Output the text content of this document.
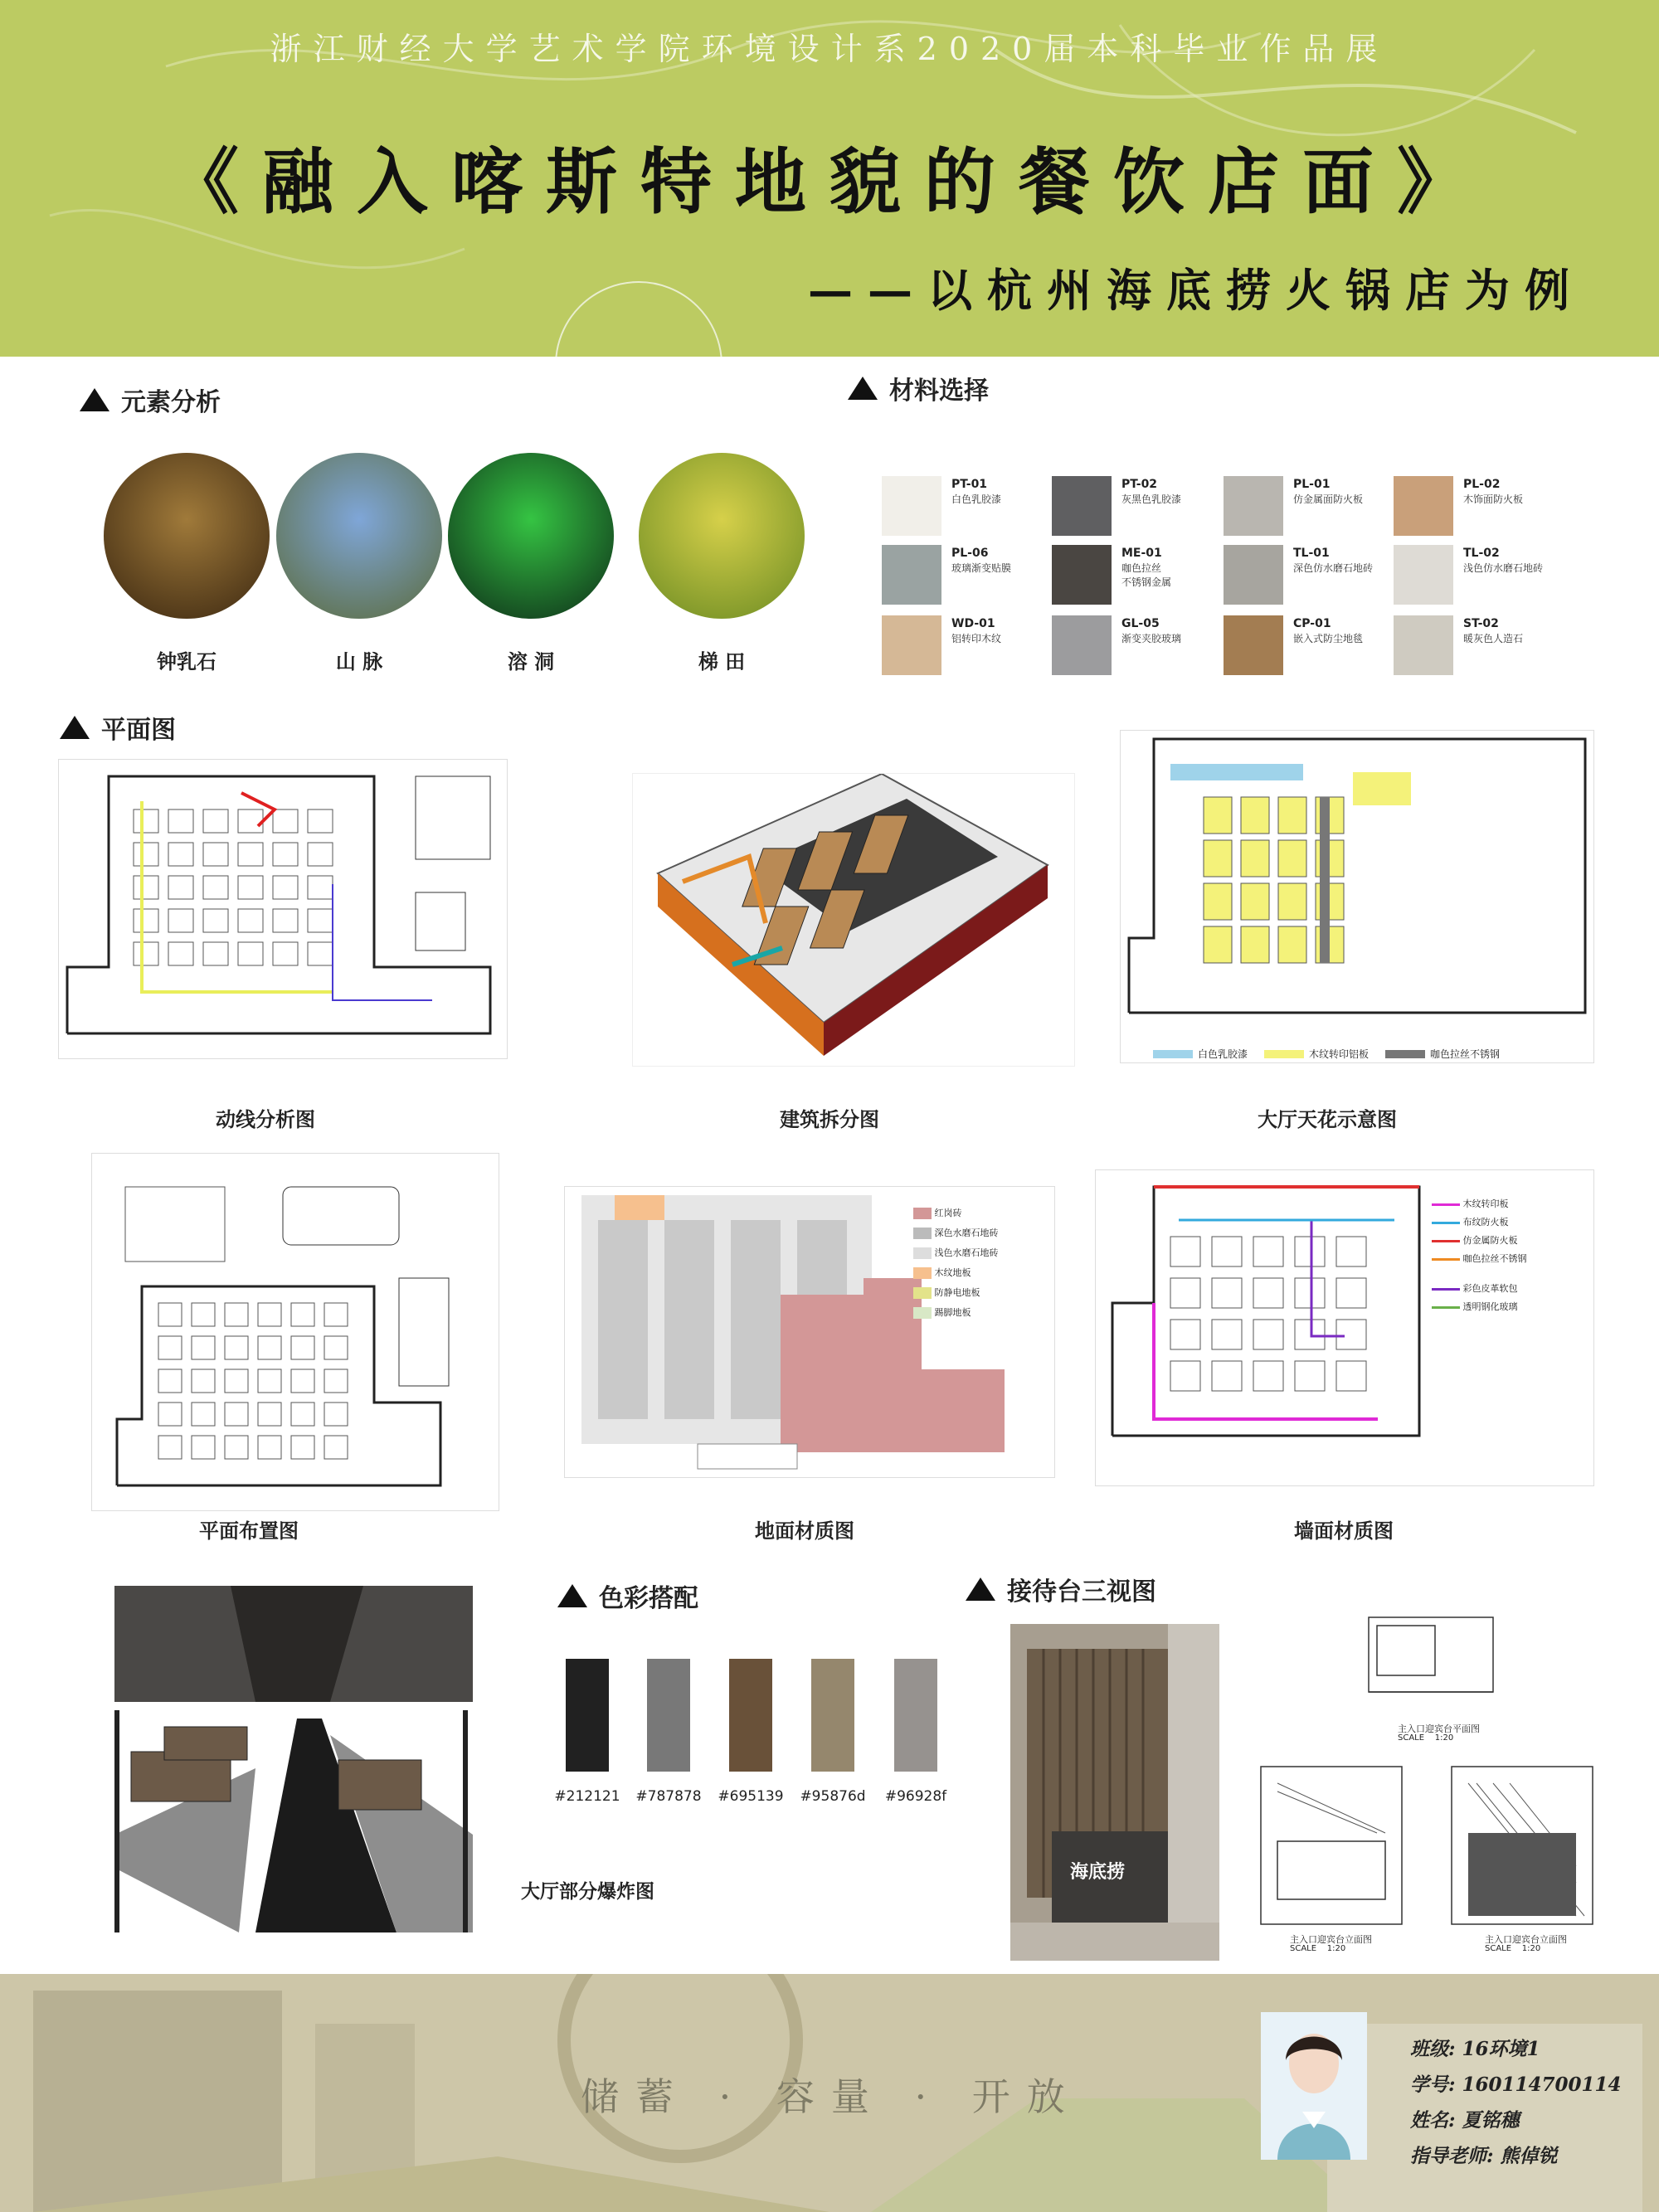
浙江财经大学艺术学院环境设计系2020届本科毕业作品展
《融入喀斯特地貌的餐饮店面》
——以杭州海底捞火锅店为例
元素分析
钟乳石	山 脉	溶 洞	梯 田
材料选择
PT-01
白色乳胶漆
PT-02
灰黑色乳胶漆
PL-01
仿金属面防火板
PL-02
木饰面防火板
PL-06
玻璃渐变贴膜
ME-01
咖色拉丝
不锈钢金属
TL-01
深色仿水磨石地砖
TL-02
浅色仿水磨石地砖
WD-01
铝转印木纹
GL-05
渐变夹胶玻璃
CP-01
嵌入式防尘地毯
ST-02
暖灰色人造石
平面图
动线分析图	建筑拆分图
白色乳胶漆	木纹转印铝板	咖色拉丝不锈钢
大厅天花示意图
平面布置图
红岗砖
深色水磨石地砖
浅色水磨石地砖
木纹地板
防静电地板
踢脚地板
地面材质图
木纹转印板
布纹防火板
仿金属防火板
咖色拉丝不锈钢
彩色皮革软包
透明钢化玻璃
墙面材质图
大厅部分爆炸图
色彩搭配
#212121	#787878	#695139	#95876d	#96928f
接待台三视图
海底捞
主入口迎宾台平面图
SCALE 1:20
主入口迎宾台立面图
SCALE 1:20
主入口迎宾台立面图
SCALE 1:20
储蓄 · 容量 · 开放
班级: 16环境1
学号: 160114700114
姓名: 夏铭穗
指导老师: 熊倬锐
